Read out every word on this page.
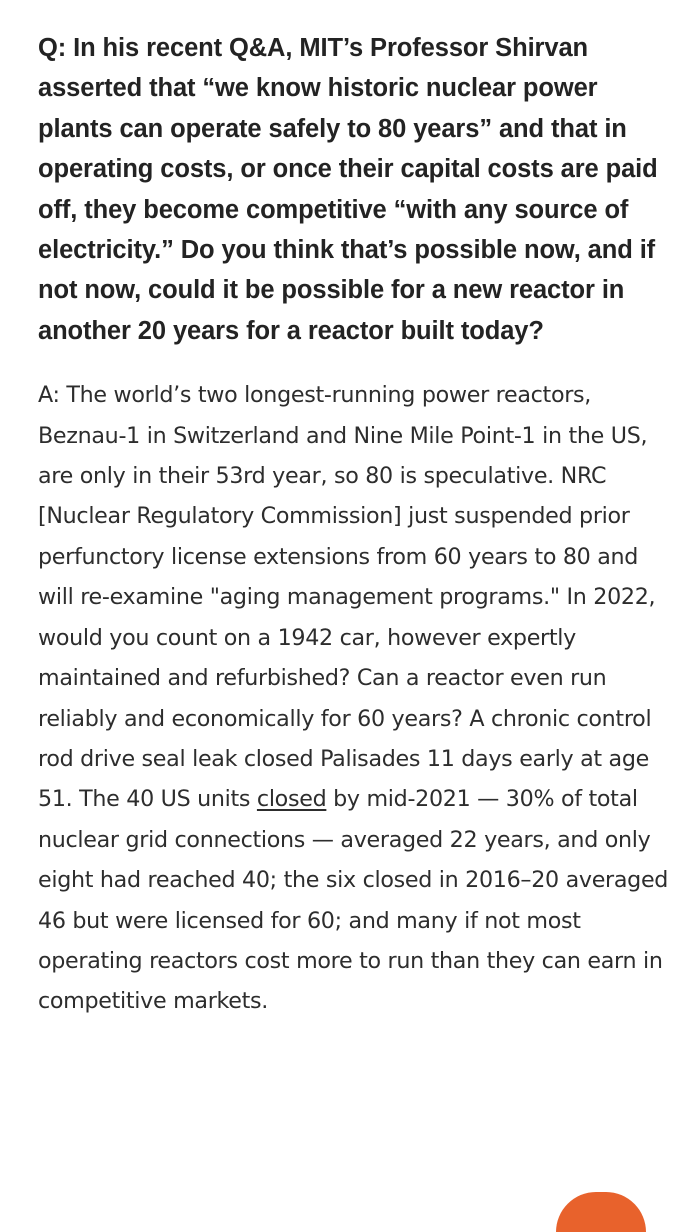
Q: In his recent Q&A, MIT’s Professor Shirvan asserted that “we know historic nuclear power plants can operate safely to 80 years” and that in operating costs, or once their capital costs are paid off, they become competitive “with any source of electricity.” Do you think that’s possible now, and if not now, could it be possible for a new reactor in another 20 years for a reactor built today?

A: The world’s two longest-running power reactors, Beznau-1 in Switzerland and Nine Mile Point-1 in the US, are only in their 53rd year, so 80 is speculative. NRC [Nuclear Regulatory Commission] just suspended prior perfunctory license extensions from 60 years to 80 and will re-examine "aging management programs." In 2022, would you count on a 1942 car, however expertly maintained and refurbished? Can a reactor even run reliably and economically for 60 years? A chronic control rod drive seal leak closed Palisades 11 days early at age 51. The 40 US units closed by mid-2021 — 30% of total nuclear grid connections — averaged 22 years, and only eight had reached 40; the six closed in 2016–20 averaged 46 but were licensed for 60; and many if not most operating reactors cost more to run than they can earn in competitive markets.
